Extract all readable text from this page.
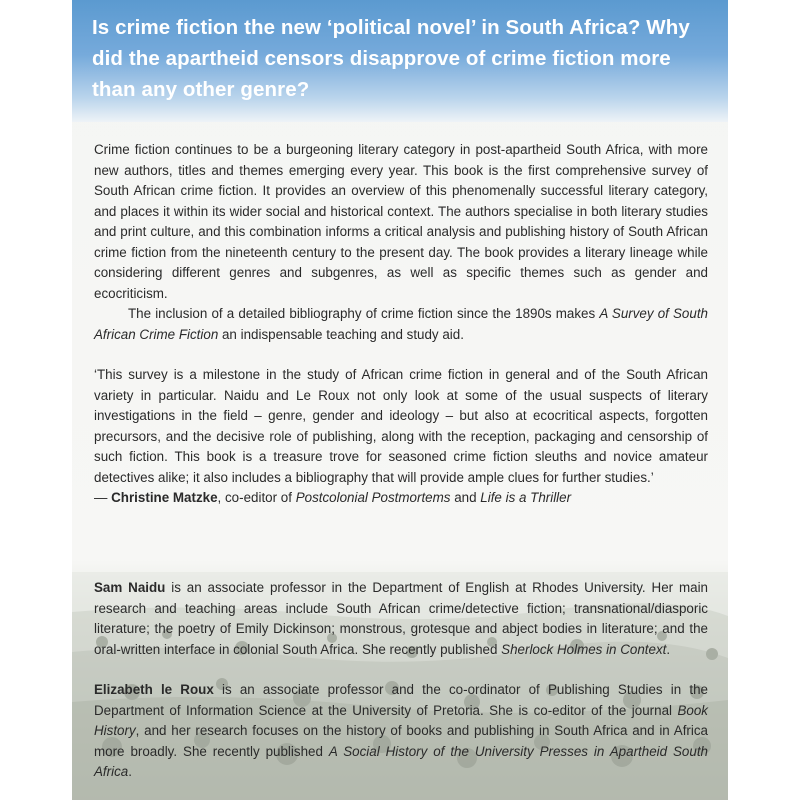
Is crime fiction the new ‘political novel’ in South Africa? Why did the apartheid censors disapprove of crime fiction more than any other genre?

Crime fiction continues to be a burgeoning literary category in post-apartheid South Africa, with more new authors, titles and themes emerging every year. This book is the first comprehensive survey of South African crime fiction. It provides an overview of this phenomenally successful literary category, and places it within its wider social and historical context. The authors specialise in both literary studies and print culture, and this combination informs a critical analysis and publishing history of South African crime fiction from the nineteenth century to the present day. The book provides a literary lineage while considering different genres and subgenres, as well as specific themes such as gender and ecocriticism.

The inclusion of a detailed bibliography of crime fiction since the 1890s makes A Survey of South African Crime Fiction an indispensable teaching and study aid.

‘This survey is a milestone in the study of African crime fiction in general and of the South African variety in particular. Naidu and Le Roux not only look at some of the usual suspects of literary investigations in the field – genre, gender and ideology – but also at ecocritical aspects, forgotten precursors, and the decisive role of publishing, along with the reception, packaging and censorship of such fiction. This book is a treasure trove for seasoned crime fiction sleuths and novice amateur detectives alike; it also includes a bibliography that will provide ample clues for further studies.’

— Christine Matzke, co-editor of Postcolonial Postmortems and Life is a Thriller

Sam Naidu is an associate professor in the Department of English at Rhodes University. Her main research and teaching areas include South African crime/detective fiction; transnational/diasporic literature; the poetry of Emily Dickinson; monstrous, grotesque and abject bodies in literature; and the oral-written interface in colonial South Africa. She recently published Sherlock Holmes in Context.

Elizabeth le Roux is an associate professor and the co-ordinator of Publishing Studies in the Department of Information Science at the University of Pretoria. She is co-editor of the journal Book History, and her research focuses on the history of books and publishing in South Africa and in Africa more broadly. She recently published A Social History of the University Presses in Apartheid South Africa.
